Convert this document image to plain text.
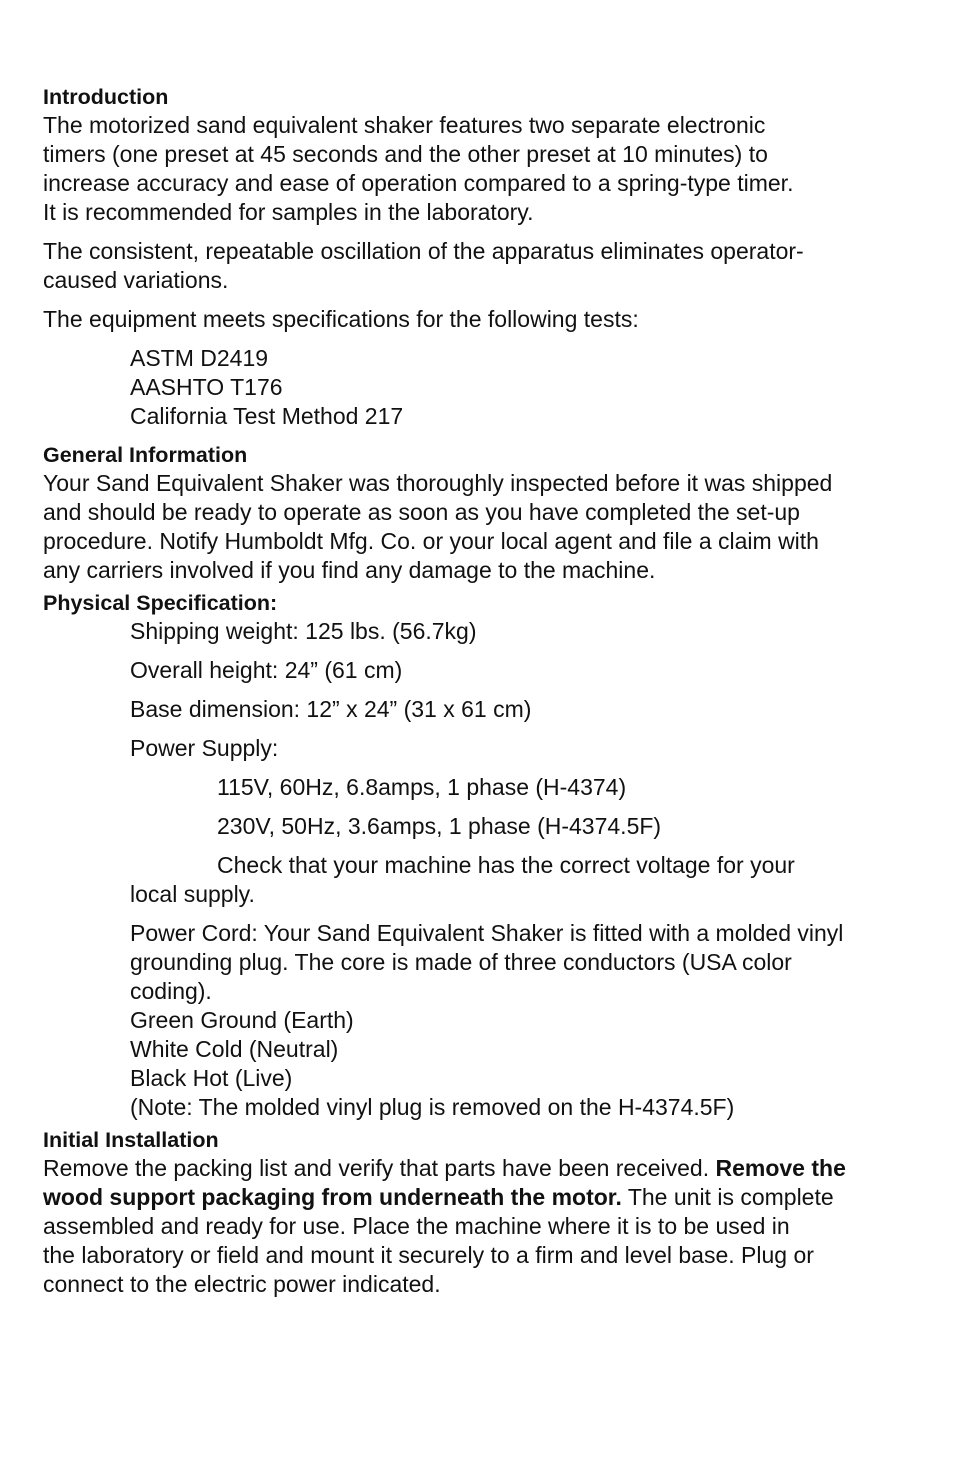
Introduction
The motorized sand equivalent shaker features two separate electronic
timers (one preset at 45 seconds and the other preset at 10 minutes) to
increase accuracy and ease of operation compared to a spring-type timer.
It is recommended for samples in the laboratory.
The consistent, repeatable oscillation of the apparatus eliminates operator-
caused variations.
The equipment meets specifications for the following tests:
ASTM D2419
AASHTO T176
California Test Method 217
General Information
Your Sand Equivalent Shaker was thoroughly inspected before it was shipped
and should be ready to operate as soon as you have completed the set-up
procedure. Notify Humboldt Mfg. Co. or your local agent and file a claim with
any carriers involved if you find any damage to the machine.
Physical Specification:
Shipping weight: 125 lbs. (56.7kg)
Overall height: 24” (61 cm)
Base dimension: 12” x 24” (31 x 61 cm)
Power Supply:
115V, 60Hz, 6.8amps, 1 phase (H-4374)
230V, 50Hz, 3.6amps, 1 phase (H-4374.5F)
Check that your machine has the correct voltage for your
local supply.
Power Cord: Your Sand Equivalent Shaker is fitted with a molded vinyl
grounding plug. The core is made of three conductors (USA color
coding).
Green Ground (Earth)
White Cold (Neutral)
Black Hot (Live)
(Note: The molded vinyl plug is removed on the H-4374.5F)
Initial Installation
Remove the packing list and verify that parts have been received. Remove the
wood support packaging from underneath the motor. The unit is complete
assembled and ready for use. Place the machine where it is to be used in
the laboratory or field and mount it securely to a firm and level base. Plug or
connect to the electric power indicated.
